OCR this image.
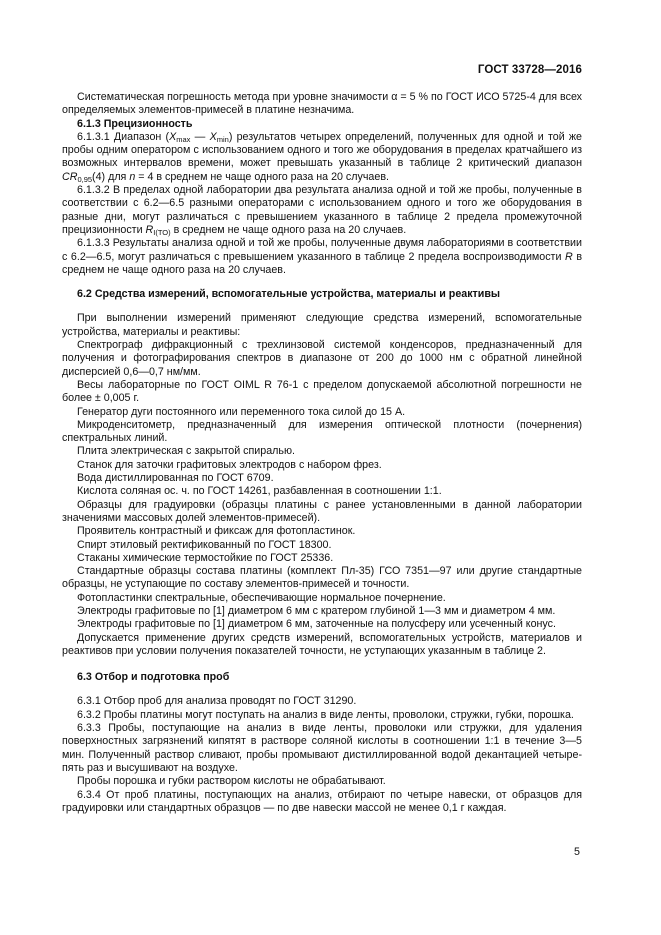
ГОСТ 33728—2016

Систематическая погрешность метода при уровне значимости α = 5 % по ГОСТ ИСО 5725-4 для всех определяемых элементов-примесей в платине незначима.

6.1.3 Прецизионность

6.1.3.1 Диапазон ($X_{max}$ — $X_{min}$) результатов четырех определений, полученных для одной и той же пробы одним оператором с использованием одного и того же оборудования в пределах кратчайшего из возможных интервалов времени, может превышать указанный в таблице 2 критический диапазон $CR_{0,95}(4)$ для n = 4 в среднем не чаще одного раза на 20 случаев.

6.1.3.2 В пределах одной лаборатории два результата анализа одной и той же пробы, полученные в соответствии с 6.2—6.5 разными операторами с использованием одного и того же оборудования в разные дни, могут различаться с превышением указанного в таблице 2 предела промежуточной прецизионности $R_{I(TO)}$ в среднем не чаще одного раза на 20 случаев.

6.1.3.3 Результаты анализа одной и той же пробы, полученные двумя лабораториями в соответствии с 6.2—6.5, могут различаться с превышением указанного в таблице 2 предела воспроизводимости R в среднем не чаще одного раза на 20 случаев.

6.2 Средства измерений, вспомогательные устройства, материалы и реактивы

При выполнении измерений применяют следующие средства измерений, вспомогательные устройства, материалы и реактивы:

Спектрограф дифракционный с трехлинзовой системой конденсоров, предназначенный для получения и фотографирования спектров в диапазоне от 200 до 1000 нм с обратной линейной дисперсией 0,6—0,7 нм/мм.

Весы лабораторные по ГОСТ OIML R 76-1 с пределом допускаемой абсолютной погрешности не более ± 0,005 г.

Генератор дуги постоянного или переменного тока силой до 15 А.

Микроденситометр, предназначенный для измерения оптической плотности (почернения) спектральных линий.

Плита электрическая с закрытой спиралью.

Станок для заточки графитовых электродов с набором фрез.

Вода дистиллированная по ГОСТ 6709.

Кислота соляная ос. ч. по ГОСТ 14261, разбавленная в соотношении 1:1.

Образцы для градуировки (образцы платины с ранее установленными в данной лаборатории значениями массовых долей элементов-примесей).

Проявитель контрастный и фиксаж для фотопластинок.

Спирт этиловый ректификованный по ГОСТ 18300.

Стаканы химические термостойкие по ГОСТ 25336.

Стандартные образцы состава платины (комплект Пл-35) ГСО 7351—97 или другие стандартные образцы, не уступающие по составу элементов-примесей и точности.

Фотопластинки спектральные, обеспечивающие нормальное почернение.

Электроды графитовые по [1] диаметром 6 мм с кратером глубиной 1—3 мм и диаметром 4 мм.

Электроды графитовые по [1] диаметром 6 мм, заточенные на полусферу или усеченный конус.

Допускается применение других средств измерений, вспомогательных устройств, материалов и реактивов при условии получения показателей точности, не уступающих указанным в таблице 2.

6.3 Отбор и подготовка проб

6.3.1 Отбор проб для анализа проводят по ГОСТ 31290.

6.3.2 Пробы платины могут поступать на анализ в виде ленты, проволоки, стружки, губки, порошка.

6.3.3 Пробы, поступающие на анализ в виде ленты, проволоки или стружки, для удаления поверхностных загрязнений кипятят в растворе соляной кислоты в соотношении 1:1 в течение 3—5 мин. Полученный раствор сливают, пробы промывают дистиллированной водой декантацией четыре-пять раз и высушивают на воздухе.

Пробы порошка и губки раствором кислоты не обрабатывают.

6.3.4 От проб платины, поступающих на анализ, отбирают по четыре навески, от образцов для градуировки или стандартных образцов — по две навески массой не менее 0,1 г каждая.

5
